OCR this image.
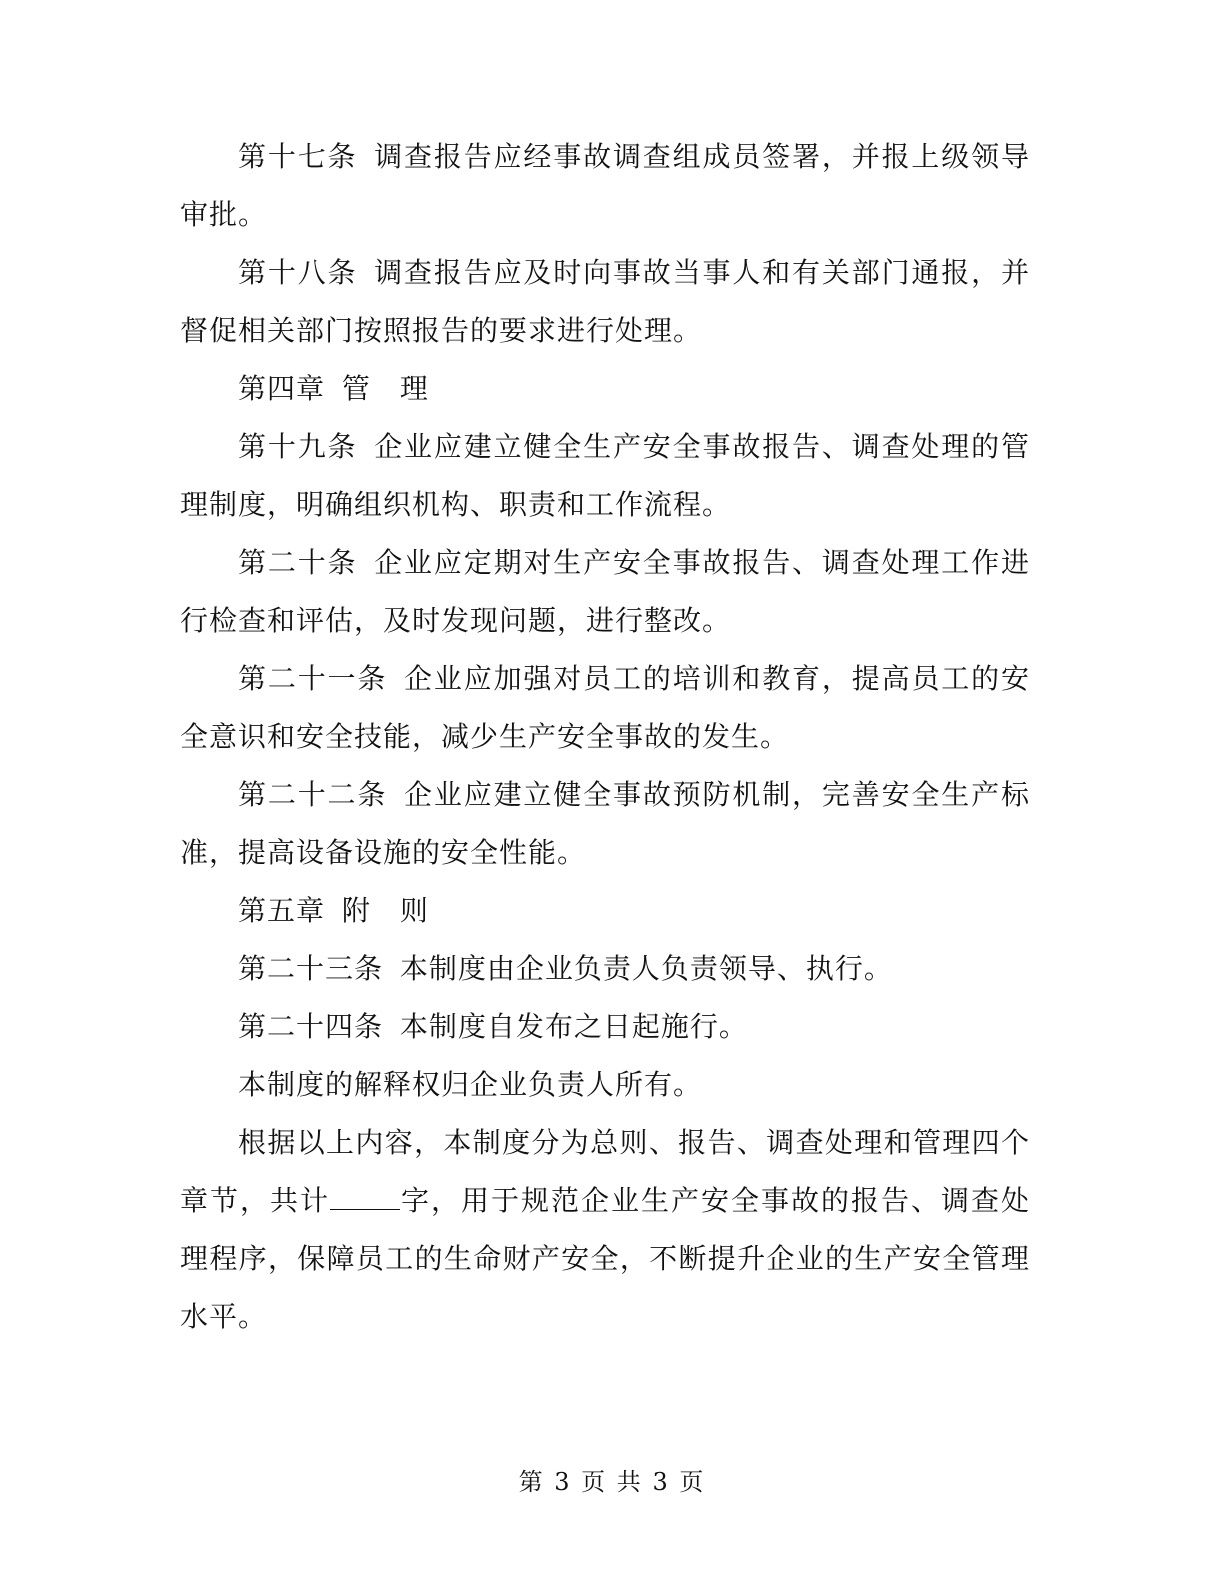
第十七条 调查报告应经事故调查组成员签署，并报上级领导审批。

第十八条 调查报告应及时向事故当事人和有关部门通报，并督促相关部门按照报告的要求进行处理。

第四章 管　理

第十九条 企业应建立健全生产安全事故报告、调查处理的管理制度，明确组织机构、职责和工作流程。

第二十条 企业应定期对生产安全事故报告、调查处理工作进行检查和评估，及时发现问题，进行整改。

第二十一条 企业应加强对员工的培训和教育，提高员工的安全意识和安全技能，减少生产安全事故的发生。

第二十二条 企业应建立健全事故预防机制，完善安全生产标准，提高设备设施的安全性能。

第五章 附　则

第二十三条 本制度由企业负责人负责领导、执行。

第二十四条 本制度自发布之日起施行。

本制度的解释权归企业负责人所有。

根据以上内容，本制度分为总则、报告、调查处理和管理四个章节，共计	字，用于规范企业生产安全事故的报告、调查处理程序，保障员工的生命财产安全，不断提升企业的生产安全管理水平。

第 3 页 共 3 页
